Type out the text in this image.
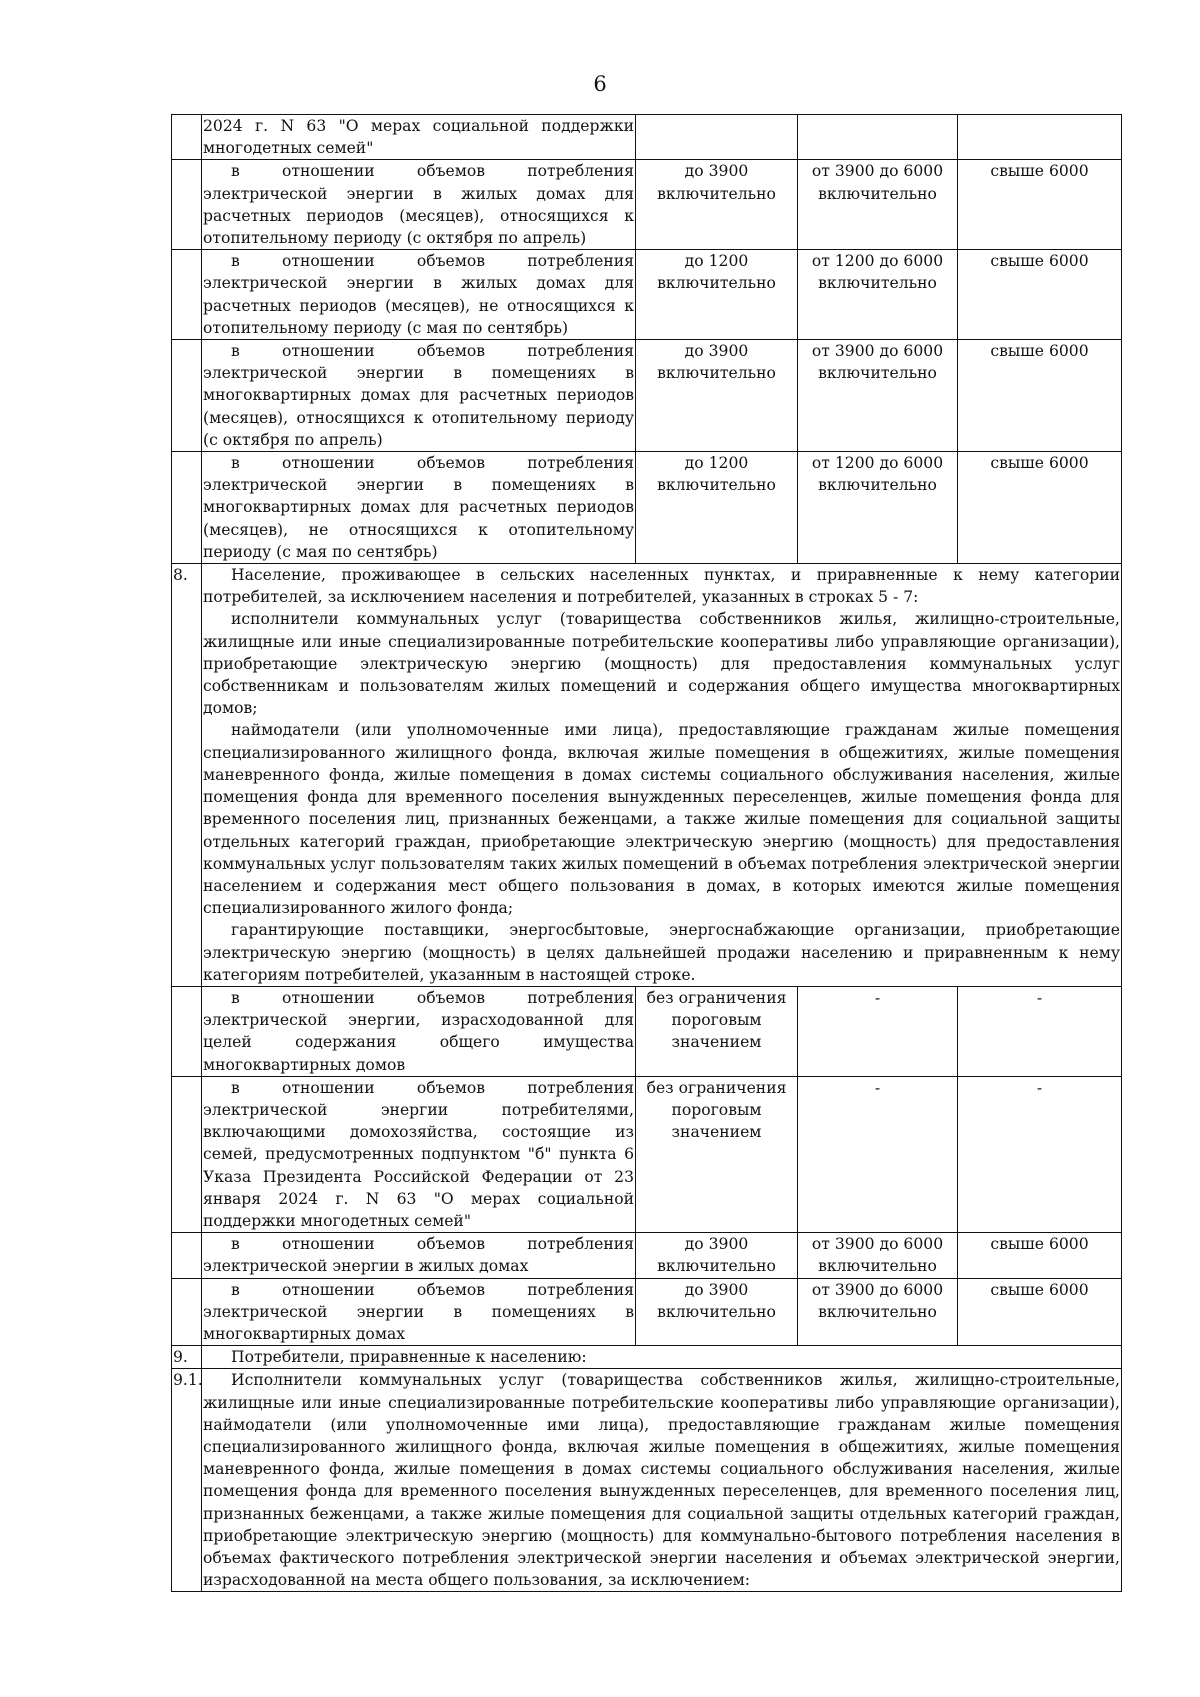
6
	2024 г. N 63 "О мерах социальной поддержки многодетных семей"			

	в отношении объемов потребления электрической энергии в жилых домах для расчетных периодов (месяцев), относящихся к отопительному периоду (с октября по апрель)	до 3900 включительно	от 3900 до 6000 включительно	свыше 6000

	в отношении объемов потребления электрической энергии в жилых домах для расчетных периодов (месяцев), не относящихся к отопительному периоду (с мая по сентябрь)	до 1200 включительно	от 1200 до 6000 включительно	свыше 6000

	в отношении объемов потребления электрической энергии в помещениях в многоквартирных домах для расчетных периодов (месяцев), относящихся к отопительному периоду (с октября по апрель)	до 3900 включительно	от 3900 до 6000 включительно	свыше 6000

	в отношении объемов потребления электрической энергии в помещениях в многоквартирных домах для расчетных периодов (месяцев), не относящихся к отопительному периоду (с мая по сентябрь)	до 1200 включительно	от 1200 до 6000 включительно	свыше 6000
8.	Население, проживающее в сельских населенных пунктах, и приравненные к нему категории потребителей, за исключением населения и потребителей, указанных в строках 5 - 7:

исполнители коммунальных услуг (товарищества собственников жилья, жилищно-строительные, жилищные или иные специализированные потребительские кооперативы либо управляющие организации), приобретающие электрическую энергию (мощность) для предоставления коммунальных услуг собственникам и пользователям жилых помещений и содержания общего имущества многоквартирных домов;

наймодатели (или уполномоченные ими лица), предоставляющие гражданам жилые помещения специализированного жилищного фонда, включая жилые помещения в общежитиях, жилые помещения маневренного фонда, жилые помещения в домах системы социального обслуживания населения, жилые помещения фонда для временного поселения вынужденных переселенцев, жилые помещения фонда для временного поселения лиц, признанных беженцами, а также жилые помещения для социальной защиты отдельных категорий граждан, приобретающие электрическую энергию (мощность) для предоставления коммунальных услуг пользователям таких жилых помещений в объемах потребления электрической энергии населением и содержания мест общего пользования в домах, в которых имеются жилые помещения специализированного жилого фонда;

гарантирующие поставщики, энергосбытовые, энергоснабжающие организации, приобретающие электрическую энергию (мощность) в целях дальнейшей продажи населению и приравненным к нему категориям потребителей, указанным в настоящей строке.			

	в отношении объемов потребления электрической энергии, израсходованной для целей содержания общего имущества многоквартирных домов	без ограничения пороговым значением	-	-

	в отношении объемов потребления электрической энергии потребителями, включающими домохозяйства, состоящие из семей, предусмотренных подпунктом "б" пункта 6 Указа Президента Российской Федерации от 23 января 2024 г. N 63 "О мерах социальной поддержки многодетных семей"	без ограничения пороговым значением	-	-

	в отношении объемов потребления электрической энергии в жилых домах	до 3900 включительно	от 3900 до 6000 включительно	свыше 6000

	в отношении объемов потребления электрической энергии в помещениях в многоквартирных домах	до 3900 включительно	от 3900 до 6000 включительно	свыше 6000
9.	Потребители, приравненные к населению:			

9.1.	Исполнители коммунальных услуг (товарищества собственников жилья, жилищно-строительные, жилищные или иные специализированные потребительские кооперативы либо управляющие организации), наймодатели (или уполномоченные ими лица), предоставляющие гражданам жилые помещения специализированного жилищного фонда, включая жилые помещения в общежитиях, жилые помещения маневренного фонда, жилые помещения в домах системы социального обслуживания населения, жилые помещения фонда для временного поселения вынужденных переселенцев, для временного поселения лиц, признанных беженцами, а также жилые помещения для социальной защиты отдельных категорий граждан, приобретающие электрическую энергию (мощность) для коммунально-бытового потребления населения в объемах фактического потребления электрической энергии населения и объемах электрической энергии, израсходованной на места общего пользования, за исключением:			
